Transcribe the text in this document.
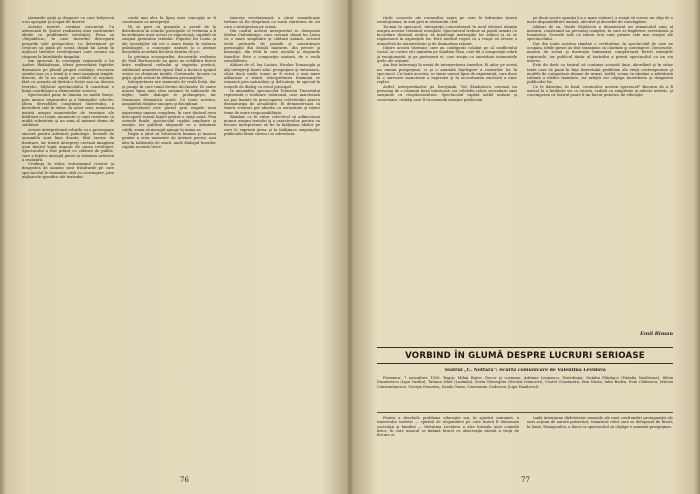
ţărmurile grijă şi dragoste cu care bolşevicii s-au apropiat şi ocupat de tineret.

Acestui tineret, cerinţei concursul, l-a adresează M. Şatrov realizarea unei confruntări ideale cu problemele revoluţiei. Piesa sa «Republica», în care tineretul descoperă propriile sale perspective, i-a determinat pe creatori să pună pe scenă chipul lui Lenin în mijlocul tinerilor revoluţionari care cereau un răspuns la întrebările timpului.

Am apreciat, în concepţia regizorală a lui Andrei Bădăuleanu, ideea prezentării faptelor dramatice pe planul proprii credinţe, evocarea omului nou ca o temă şi a unei naraţiuni simple, directe, de la un capăt pe celălalt al acţiunii, fără ca aceasta să devină o lecţie sau un discurs teoretic. Mijlocul spectacolului îl constituie o bună coordonare a elementelor scenice.

Spectacolul pune în lumină cu multă fineţe, prin munca regizorului şi a întregului colectiv, ideea dezvoltării conştiinţei tineretului, a încrederii sale în viitor. În acest sens, montarea insistă asupra momentelor de tensiune ale întâlnirii cu Lenin, momente ce sunt rezolvate cu multă sobrietate şi un simţ al măsurii demn de subliniat.

Actorii interpretează rolurile cu o preocupare sinceră pentru adevărul psihologic. Scenele de ansamblu sunt bine dozate, fără excese de ilustrare, iar tinerii interpreţi creează imaginea unui tineret legat organic de cauza revoluţiei. Spectacolul a fost primit cu căldură de public, care a înţeles mesajul piesei şi valoarea artistică a realizării.

Credinţa în viitor, entuziasmul creator şi dragostea de oameni sunt trăsăturile pe care spectacolul le transmite sălii cu convingere, prin mijloacele specifice ale teatrului.

contă mai ales în lipsa unei concepţii ar fi coordonate ca interpreţii.

Ni se pare că greşeala a pornit de la distribuirea în rolurile principale ce trebuiau a fi încredinţate unor actori cu experienţă, capabili să susţină greutatea textului. Figurile lui Lenin şi ale tovarăşilor săi cer o mare fineţe în redarea psihologiei, o concepţie unitară şi o atenţie deosebită acordată fiecărui detaliu de joc.

În privinţa scenografiei, decorurile realizate de Paul Bortnovschi au găsit un echilibru fericit între realismul cadrului şi sugestia poetică, subliniind atmosfera epocii fără a încărca spaţiul scenic cu elemente inutile. Costumele, lucrate cu grijă, ajută actorii în definirea personajelor.

Interpretarea are momente de reală forţă, dar şi pasaje în care tonul devine declarativ. Se simte uneori lipsa unui ritm susţinut în tablourile de mijloc, unde dialogul se prelungeşte, iar tensiunea dramatică scade. Cu toate acestea, ansamblul rămâne omogen şi disciplinat.

Spectatorul este purtat prin etapele unei experienţe umane complexe, în care tânărul erou descoperă sensul luptei pentru o viaţă nouă. Prin scenele finale, spectacolul capătă amploare şi emoţie, iar publicul răspunde cu o adeziune caldă, semn că mesajul ajunge la inima sa.

Regia a ştiut să folosească lumina şi muzica pentru a crea momente de intensă poezie, mai ales în tablourile de seară, unde dialogul tinerilor capătă accente lirice.

tinereţe revoluţionară, a căror semnificaţie trebuia să fie desprinsă cu toată claritatea de cei care o interpretau pe scenă.

Din cadrul acestei interpretări se detaşează Ştefan Ciubotăraşu, care creează chipul lui Lenin cu o mare simplitate şi căldură umană. Actorul evită gesturile de paradă şi construieşte personajul din detalii mărunte, din privire şi intonaţie, din felul în care ascultă şi răspunde tinerilor. Este o compoziţie matură, de o reală sensibilitate.

Alături de el, Ion Lucian, Nicolae Tomazoglu şi alţi interpreţi tineri aduc prospeţime şi entuziasm, chiar dacă unele scene ar fi cerut o mai mare adâncime a trăirii. Interpretarea feminină se remarcă prin naturaleţe şi delicateţe, în special în scenele de dialog cu eroul principal.

În ansamblu, spectacolul Teatrului Tineretului reprezintă o realizare valoroasă, care marchează un pas înainte în preocuparea colectivului pentru dramaturgia de actualitate. El demonstrează că tinerii creatori pot aborda cu seriozitate şi talent teme de mare responsabilitate.

Rămâne ca în viitor colectivul să adâncească munca asupra textului şi a caracterelor, pentru ca fiecare interpretare să fie la înălţimea ideilor pe care le exprimă piesa şi la înălţimea exigenţelor publicului tânăr căruia i se adresează.

76

rărilc concrete ale evenurilor aspre pe care le înfruntau tinerii revoluţionari, în anii grei ai războiului civil.

Tocmai în spectacol, interpreţii concentrează în mod eficient atenţia asupra acestor trăsături esenţiale. Spectatorul trebuie să poată urmări cu încordare destinul eroilor, să înţeleagă motivaţiile lor adânci şi să se regăsească în aspiraţiile lor. Este meritul regiei că a reuşit să creeze o atmosferă de autenticitate şi de dramatism reţinut.

Dintre actorii vârstnici care au configurat colabat pe al conflictului social, se cuvine să-i amintim pe Sandina Stan, care dă o compoziţie sobră şi emoţionantă, şi pe partenerii ei, care susţin cu onestitate momentele grele ale acţiunii.

Am fost interesaţi la urmă de interpretarea tinerilor. Ei aduc pe scenă nu numai prospeţime, ci şi o anumită înţelegere a rosturilor lor în spectacol. Cu toate acestea, se simte uneori lipsa de experienţă, care duce la o oarecare monotonie a expresiei şi la accentuarea excesivă a unor replici.

Astfel, interpretând-ul pe Dzerjinski, Vul Sândulescu creează un personaj de o reţinută forţă interioară, iar celelalte roluri secundare sunt susţinute cu conştiinciozitate. Spectacolul capătă astfel unitate şi cursivitate, calităţi care îl recomandă atenţiei publicului.

pe două scurte apariţii (cu o mare ezitare), a reuşit să creeze un chip de o mare disponibilitate umană, afectivă şi deosebit de convingător.

Alături de ea, Vasile Niţulescu a demonstrat un remarcabil simţ al măsurii, construind un personaj complex, în care se împletesc severitatea şi bunătatea. Scenele sale cu tinerii eroi sunt printre cele mai reuşite ale spectacolului.

Dar din toate acestea rămâne o certitudine: în spectacolul de care ne ocupăm, ideile piesei au fost transmise cu claritate şi convingere. Decorurile, muzica de scenă şi ilustraţia luminoasă completează fericit intenţiile regizorale, iar publicul tânăr al teatrului a primit spectacolul cu un viu interes.

Este de dorit ca teatrul să continue această linie, abordând şi în viitor texte care să pună în faţa tineretului probleme ale vieţii contemporane şi modele de comportare demne de urmat. Astfel, scena va rămâne o adevărată tribună a ideilor înaintate, iar artiştii vor câştiga încrederea şi dragostea publicului lor.

Ce le datorăm, în fond, creatorilor acestui spectacol? Bucuria de a fi asistat la o întâlnire vie cu istoria, redată cu simplitate şi adevăr artistic, şi convingerea că teatrul poate fi un factor puternic de educaţie.

Emil Riman
77
VORBIND ÎN GLUMĂ DESPRE LUCRURI SERIOASE
Teatrul „C. Nottara": Scurtă comunicare de Valentina Levidova

Premiera: 7 noiembrie 1958. Regia: Mihai Raicu. Decor şi costume: Adriana Leonescu. Distribuţia: Natalia Pătrăşcu (Natalia Vasilievna), Silvia Dumitrescu (Lipa Vasiliu), Tatiana Iekel (Ludmila), Sorin Gheorghiu (Nicolai Ivanovici), Costel Constantin, Dan Nasta, Iuliu Bodea, Puiu Călinescu, Mircea Constantinescu, George Demetru, Sanda Toma, Constantin Codrescu (Lipa Paxalovici).

Pentru a deschide problema educaţiei noi, în spiritul comunist, a tineretului sovietic — spiritul de răspundere pe care tinerii îl datorează societăţii şi familiei — Valentina Levidova a ales formula unei comedii lirice, în care umorul se îmbină fericit cu observaţia atentă a vieţii de fiecare zi.

tuală intenţiune dădeteiator muzeale ale unei confruntări protagonişti ale unei acţiuni de natură patriotică, tematicul celor care se detaşează de tineri; în lume, Dimopoulou, a făcut ca spectacolul să câştige o anumită prospeţime.
